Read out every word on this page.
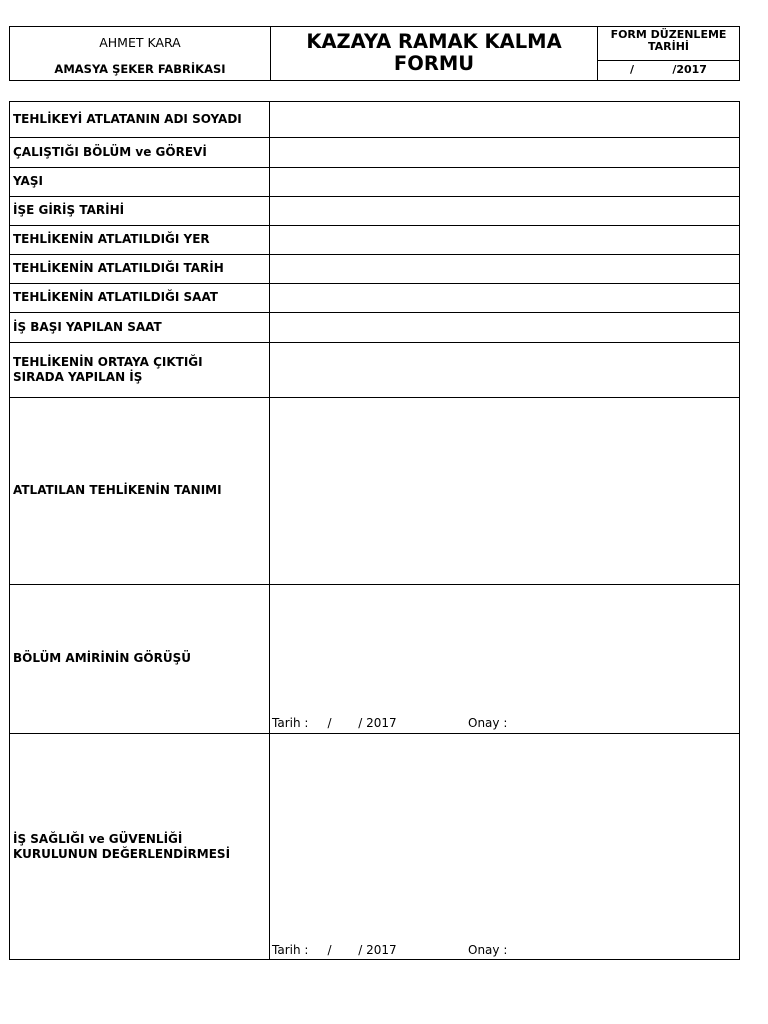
AHMET KARA
AMASYA ŞEKER FABRİKASI
KAZAYA RAMAK KALMA FORMU
FORM DÜZENLEME TARİHİ
/          /2017
TEHLİKEYİ ATLATANIN ADI SOYADI
ÇALIŞTIĞI BÖLÜM ve GÖREVİ
YAŞI
İŞE GİRİŞ TARİHİ
TEHLİKENİN ATLATILDIĞI YER
TEHLİKENİN ATLATILDIĞI TARİH
TEHLİKENİN ATLATILDIĞI SAAT
İŞ BAŞI YAPILAN SAAT
TEHLİKENİN ORTAYA ÇIKTIĞI
SIRADA YAPILAN İŞ
ATLATILAN TEHLİKENİN TANIMI
BÖLÜM AMİRİNİN GÖRÜŞÜ
Tarih :     /       / 2017	Onay :
İŞ SAĞLIĞI ve GÜVENLİĞİ
KURULUNUN DEĞERLENDİRMESİ
Tarih :     /       / 2017	Onay :
